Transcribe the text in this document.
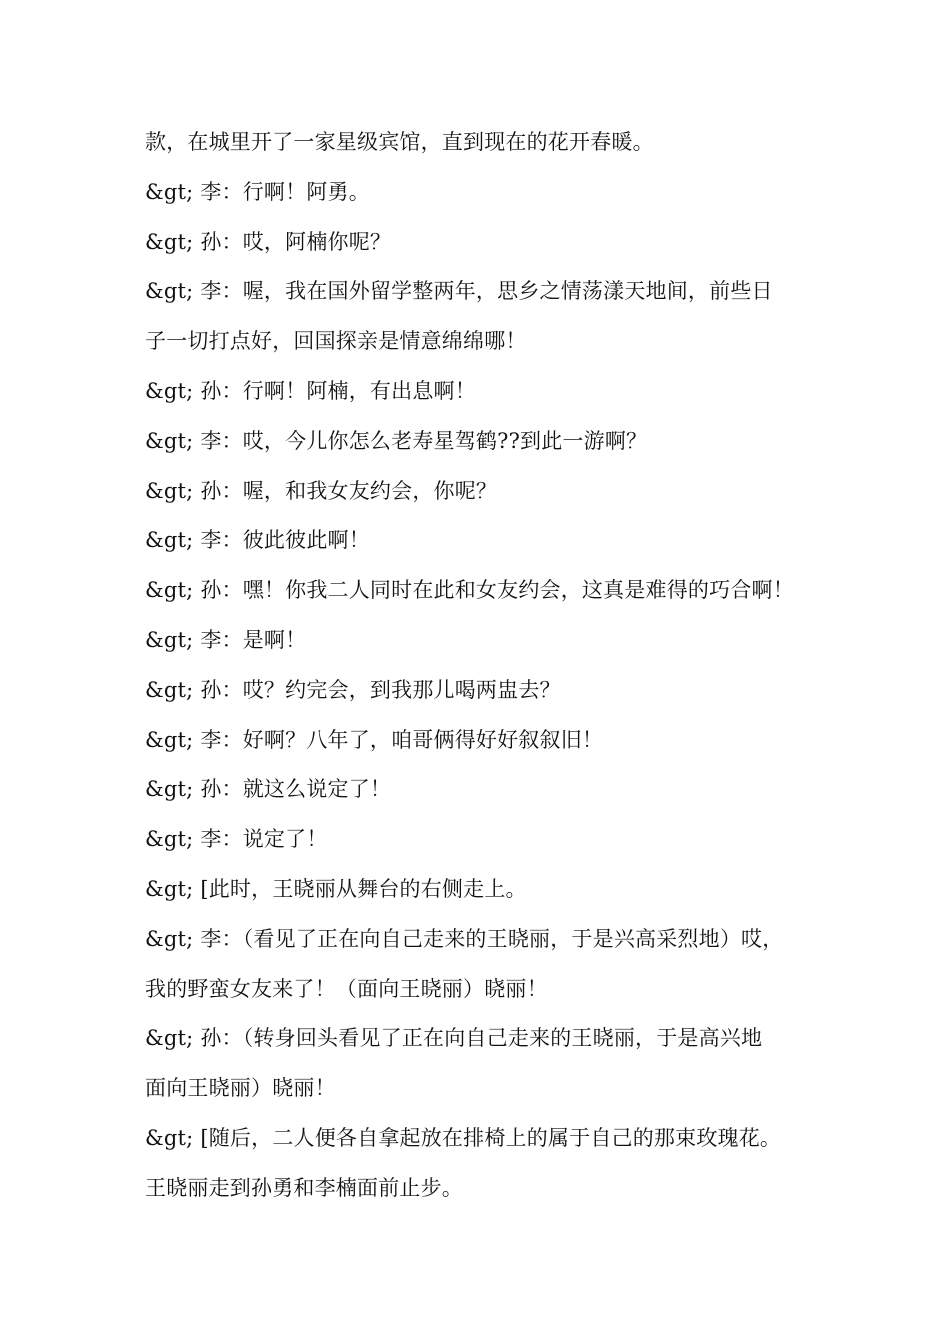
款，在城里开了一家星级宾馆，直到现在的花开春暖。
&gt; 李：行啊！阿勇。
&gt; 孙：哎，阿楠你呢？
&gt; 李：喔，我在国外留学整两年，思乡之情荡漾天地间，前些日
子一切打点好，回国探亲是情意绵绵哪！
&gt; 孙：行啊！阿楠，有出息啊！
&gt; 李：哎，今儿你怎么老寿星驾鹤??到此一游啊？
&gt; 孙：喔，和我女友约会，你呢？
&gt; 李：彼此彼此啊！
&gt; 孙：嘿！你我二人同时在此和女友约会，这真是难得的巧合啊！
&gt; 李：是啊！
&gt; 孙：哎？约完会，到我那儿喝两盅去？
&gt; 李：好啊？八年了，咱哥俩得好好叙叙旧！
&gt; 孙：就这么说定了！
&gt; 李：说定了！
&gt; [此时，王晓丽从舞台的右侧走上。
&gt; 李：（看见了正在向自己走来的王晓丽，于是兴高采烈地）哎，
我的野蛮女友来了！（面向王晓丽）晓丽！
&gt; 孙：（转身回头看见了正在向自己走来的王晓丽，于是高兴地
面向王晓丽）晓丽！
&gt; [随后，二人便各自拿起放在排椅上的属于自己的那束玫瑰花。
王晓丽走到孙勇和李楠面前止步。
